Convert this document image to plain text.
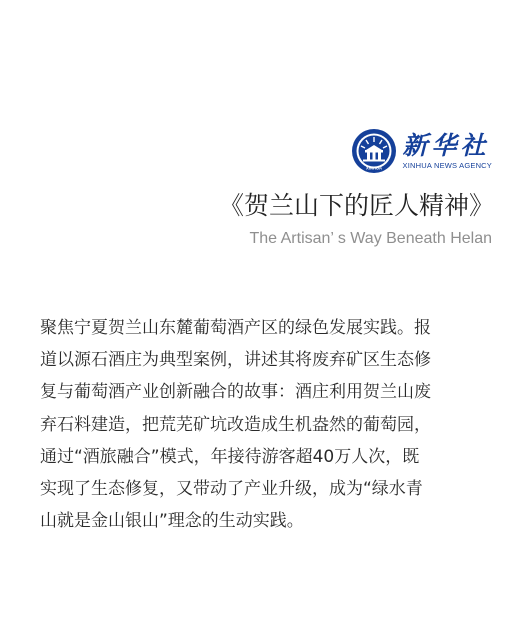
XINHUA
新华社
XINHUA NEWS AGENCY
《贺兰山下的匠人精神》
The Artisan’ s Way Beneath Helan
聚焦宁夏贺兰山东麓葡萄酒产区的绿色发展实践。报
道以源石酒庄为典型案例，讲述其将废弃矿区生态修
复与葡萄酒产业创新融合的故事：酒庄利用贺兰山废
弃石料建造，把荒芜矿坑改造成生机盎然的葡萄园，
通过“酒旅融合”模式，年接待游客超40万人次，既
实现了生态修复，又带动了产业升级，成为“绿水青
山就是金山银山”理念的生动实践。
